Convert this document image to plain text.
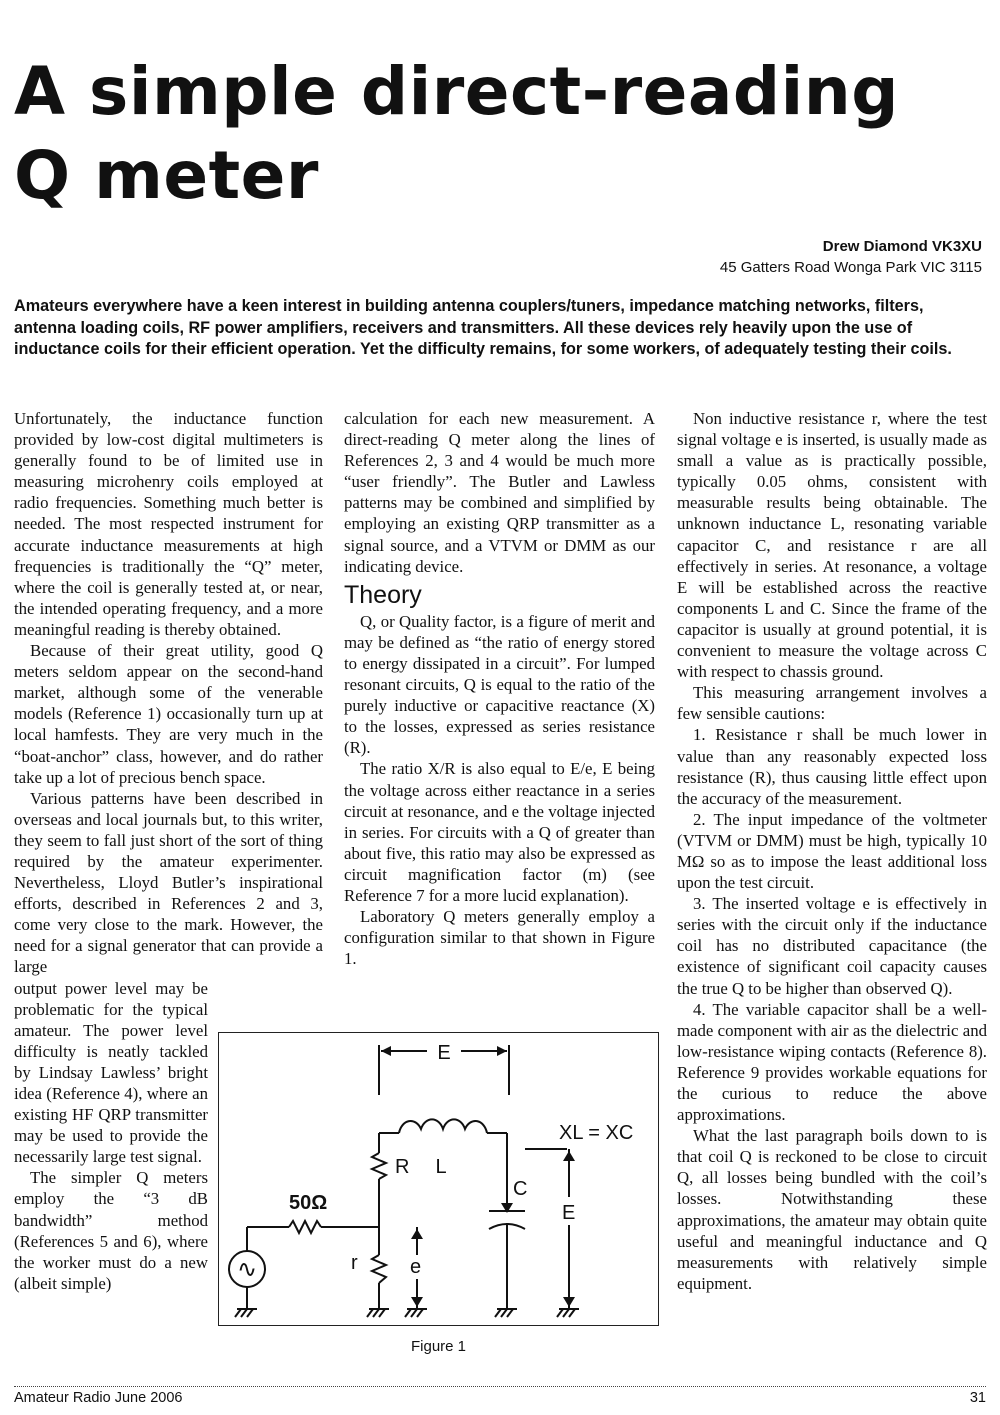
A simple direct-reading
Q meter
Drew Diamond VK3XU
45 Gatters Road Wonga Park VIC 3115

Amateurs everywhere have a keen interest in building antenna couplers/tuners, impedance matching networks, filters, antenna loading coils, RF power amplifiers, receivers and transmitters. All these devices rely heavily upon the use of inductance coils for their efficient operation. Yet the difficulty remains, for some workers, of adequately testing their coils.

Unfortunately, the inductance function provided by low-cost digital multimeters is generally found to be of limited use in measuring microhenry coils employed at radio frequencies. Something much better is needed. The most respected instrument for accurate inductance measurements at high frequencies is traditionally the “Q” meter, where the coil is generally tested at, or near, the intended operating frequency, and a more meaningful reading is thereby obtained.

Because of their great utility, good Q meters seldom appear on the second-hand market, although some of the venerable models (Reference 1) occasionally turn up at local hamfests. They are very much in the “boat-anchor” class, however, and do rather take up a lot of precious bench space.

Various patterns have been described in overseas and local journals but, to this writer, they seem to fall just short of the sort of thing required by the amateur experimenter. Nevertheless, Lloyd Butler’s inspirational efforts, described in References 2 and 3, come very close to the mark. However, the need for a signal generator that can provide a large

output power level may be problematic for the typical amateur. The power level difficulty is neatly tackled by Lindsay Lawless’ bright idea (Reference 4), where an existing HF QRP transmitter may be used to provide the necessarily large test signal.

The simpler Q meters employ the “3 dB bandwidth” method (References 5 and 6), where the worker must do a new (albeit simple)

calculation for each new measurement. A direct-reading Q meter along the lines of References 2, 3 and 4 would be much more “user friendly”. The Butler and Lawless patterns may be combined and simplified by employing an existing QRP transmitter as a signal source, and a VTVM or DMM as our indicating device.

Theory

Q, or Quality factor, is a figure of merit and may be defined as “the ratio of energy stored to energy dissipated in a circuit”. For lumped resonant circuits, Q is equal to the ratio of the purely inductive or capacitive reactance (X) to the losses, expressed as series resistance (R).

The ratio X/R is also equal to E/e, E being the voltage across either reactance in a series circuit at resonance, and e the voltage injected in series. For circuits with a Q of greater than about five, this ratio may also be expressed as circuit magnification factor (m) (see Reference 7 for a more lucid explanation).

Laboratory Q meters generally employ a configuration similar to that shown in Figure 1.

Non inductive resistance r, where the test signal voltage e is inserted, is usually made as small a value as is practically possible, typically 0.05 ohms, consistent with measurable results being obtainable. The unknown inductance L, resonating variable capacitor C, and resistance r are all effectively in series. At resonance, a voltage E will be established across the reactive components L and C. Since the frame of the capacitor is usually at ground potential, it is convenient to measure the voltage across C with respect to chassis ground.

This measuring arrangement involves a few sensible cautions:

1. Resistance r shall be much lower in value than any reasonably expected loss resistance (R), thus causing little effect upon the accuracy of the measurement.

2. The input impedance of the voltmeter (VTVM or DMM) must be high, typically 10 MΩ so as to impose the least additional loss upon the test circuit.

3. The inserted voltage e is effectively in series with the circuit only if the inductance coil has no distributed capacitance (the existence of significant coil capacity causes the true Q to be higher than observed Q).

4. The variable capacitor shall be a well-made component with air as the dielectric and low-resistance wiping contacts (Reference 8). Reference 9 provides workable equations for the curious to reduce the above approximations.

What the last paragraph boils down to is that coil Q is reckoned to be close to circuit Q, all losses being bundled with the coil’s losses. Notwithstanding these approximations, the amateur may obtain quite useful and meaningful inductance and Q measurements with relatively simple equipment.

E
L
XL = XC
R
C
50Ω	E
r	e
∿
Figure 1
Amateur Radio June 2006	31
